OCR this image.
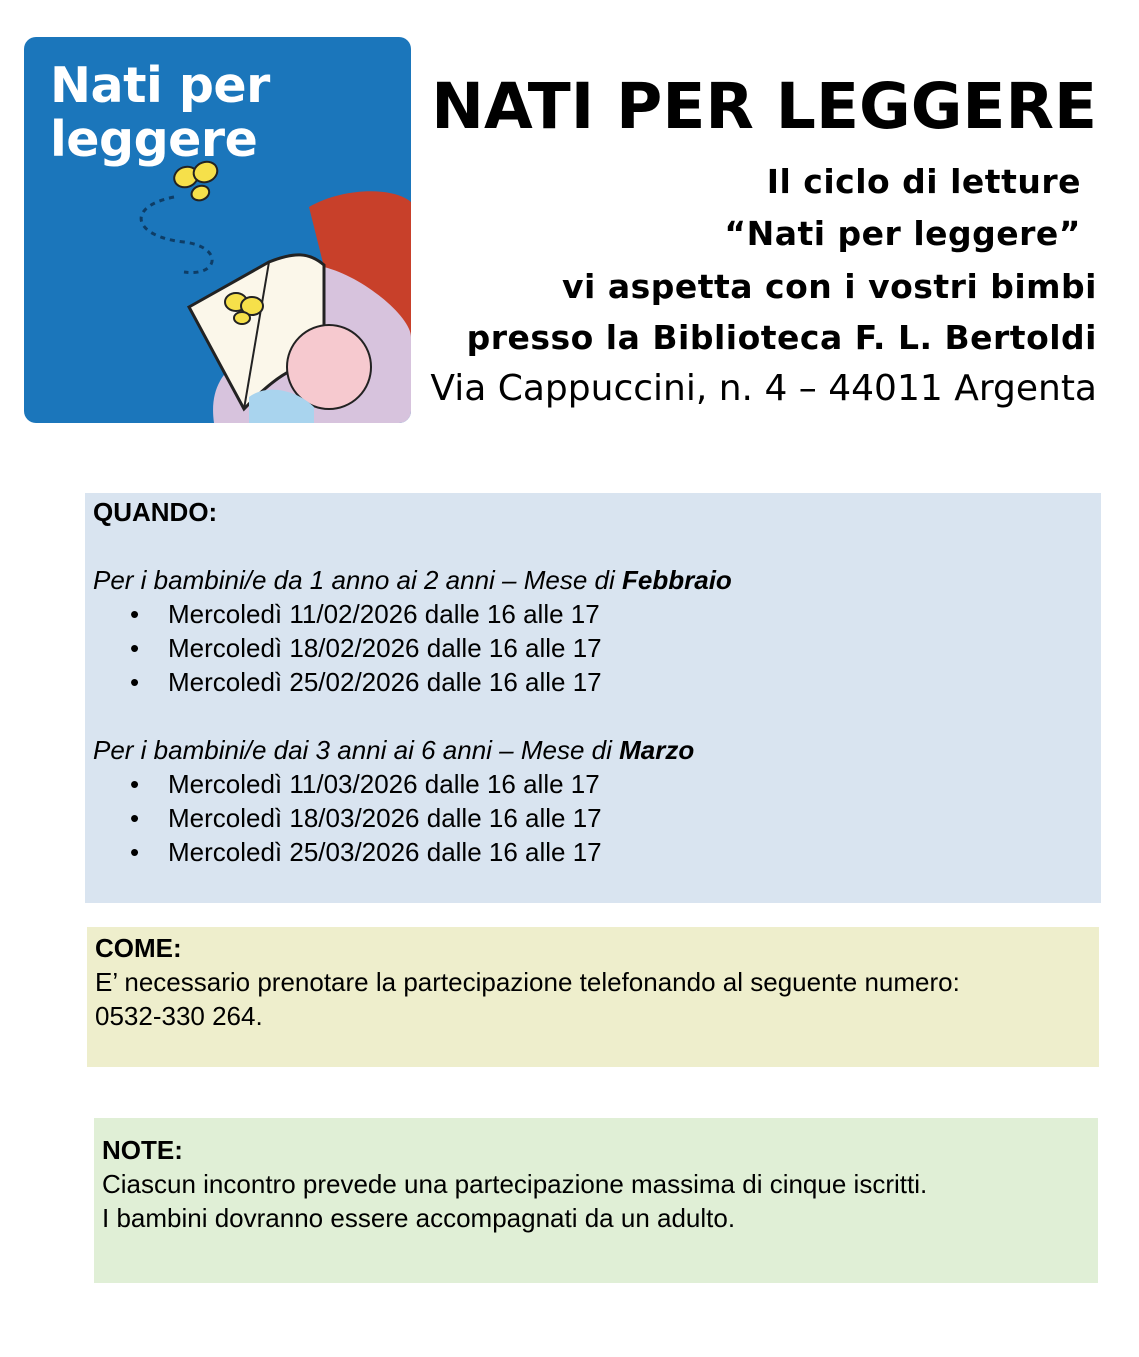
Nati per
leggere	NATI PER LEGGERE
Il ciclo di letture
“Nati per leggere”
vi aspetta con i vostri bimbi
presso la Biblioteca F. L. Bertoldi
Via Cappuccini, n. 4 – 44011 Argenta
QUANDO:
Per i bambini/e da 1 anno ai 2 anni – Mese di Febbraio
• Mercoledì 11/02/2026 dalle 16 alle 17
• Mercoledì 18/02/2026 dalle 16 alle 17
• Mercoledì 25/02/2026 dalle 16 alle 17
Per i bambini/e dai 3 anni ai 6 anni – Mese di Marzo
• Mercoledì 11/03/2026 dalle 16 alle 17
• Mercoledì 18/03/2026 dalle 16 alle 17
• Mercoledì 25/03/2026 dalle 16 alle 17
COME:
E’ necessario prenotare la partecipazione telefonando al seguente numero:
0532-330 264.
NOTE:
Ciascun incontro prevede una partecipazione massima di cinque iscritti.
I bambini dovranno essere accompagnati da un adulto.
